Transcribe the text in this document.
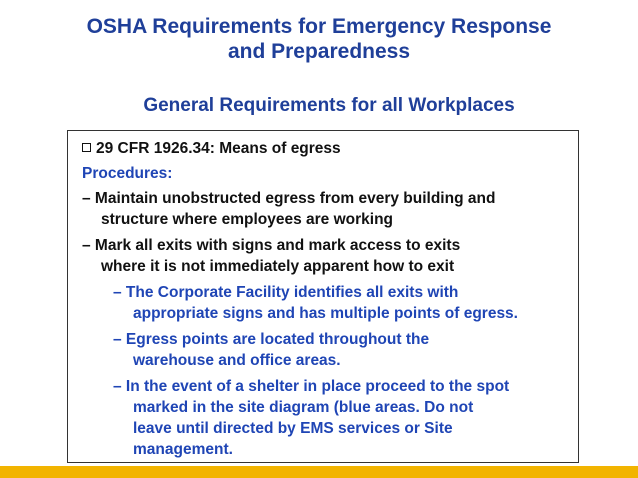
OSHA Requirements for Emergency Response
and Preparedness
General Requirements for all Workplaces
29 CFR 1926.34: Means of egress
Procedures:
– Maintain unobstructed egress from every building and
structure where employees are working
– Mark all exits with signs and mark access to exits
where it is not immediately apparent how to exit
– The Corporate Facility identifies all exits with
appropriate signs and has multiple points of egress.
– Egress points are located throughout the
warehouse and office areas.
– In the event of a shelter in place proceed to the spot
marked in the site diagram (blue areas. Do not
leave until directed by EMS services or Site
management.
